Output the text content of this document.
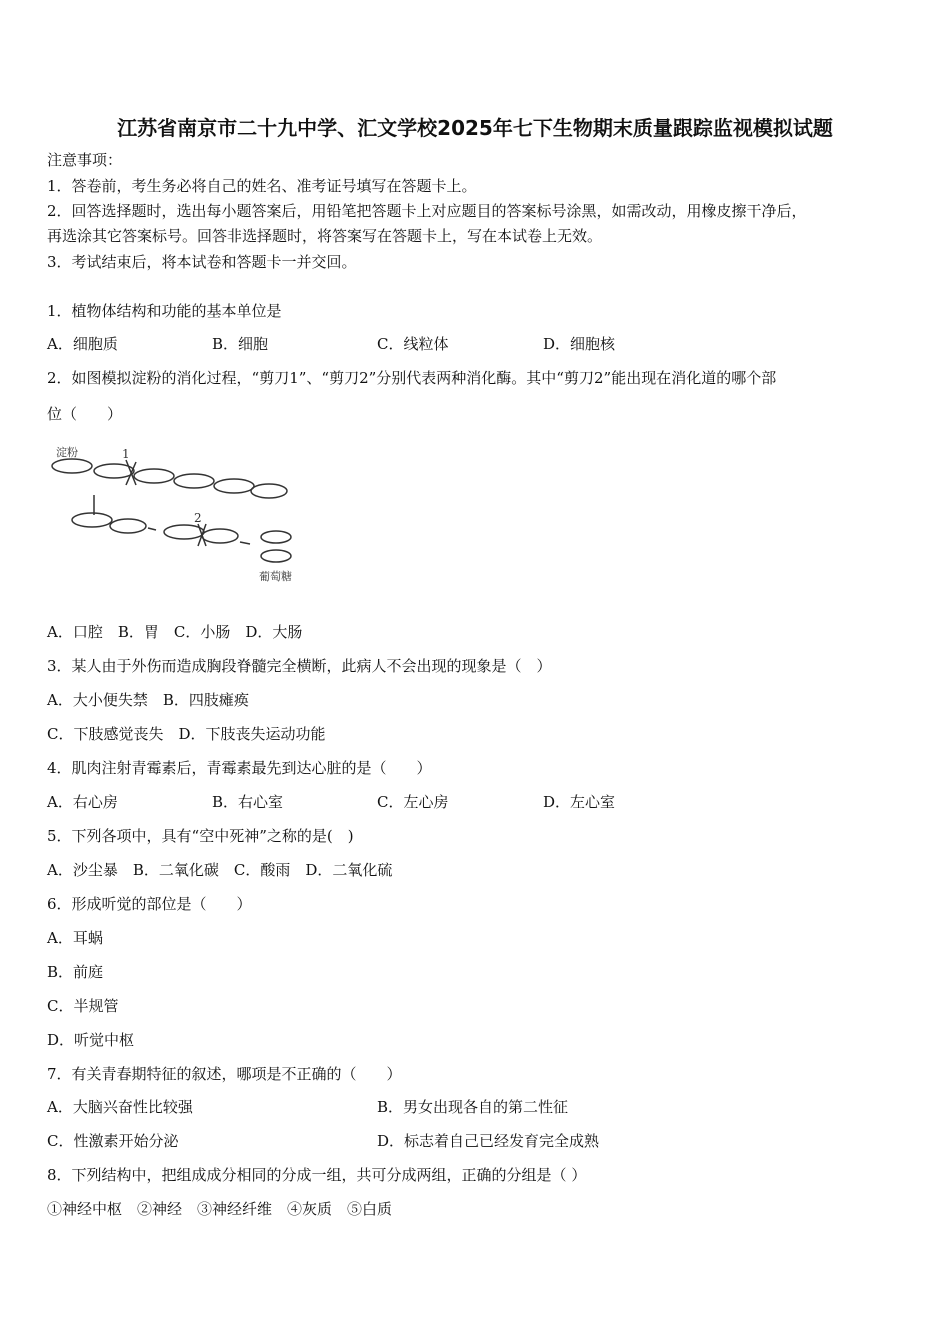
江苏省南京市二十九中学、汇文学校2025年七下生物期末质量跟踪监视模拟试题
注意事项：
1．答卷前，考生务必将自己的姓名、准考证号填写在答题卡上。
2．回答选择题时，选出每小题答案后，用铅笔把答题卡上对应题目的答案标号涂黑，如需改动，用橡皮擦干净后，
再选涂其它答案标号。回答非选择题时，将答案写在答题卡上，写在本试卷上无效。
3．考试结束后，将本试卷和答题卡一并交回。
1．植物体结构和功能的基本单位是
A．细胞质	B．细胞	C．线粒体	D．细胞核
2．如图模拟淀粉的消化过程，“剪刀1”、“剪刀2”分别代表两种消化酶。其中“剪刀2”能出现在消化道的哪个部
位（　　）
淀粉	1
2
葡萄糖
A．口腔　B．胃　C．小肠　D．大肠
3．某人由于外伤而造成胸段脊髓完全横断，此病人不会出现的现象是（　）
A．大小便失禁　B．四肢瘫痪
C．下肢感觉丧失　D．下肢丧失运动功能
4．肌肉注射青霉素后，青霉素最先到达心脏的是（　　）
A．右心房	B．右心室	C．左心房	D．左心室
5．下列各项中，具有“空中死神”之称的是(　)
A．沙尘暴　B．二氧化碳　C．酸雨　D．二氧化硫
6．形成听觉的部位是（　　）
A．耳蜗
B．前庭
C．半规管
D．听觉中枢
7．有关青春期特征的叙述，哪项是不正确的（　　）
A．大脑兴奋性比较强	B．男女出现各自的第二性征
C．性激素开始分泌	D．标志着自己已经发育完全成熟
8．下列结构中，把组成成分相同的分成一组，共可分成两组，正确的分组是（ ）
①神经中枢　②神经　③神经纤维　④灰质　⑤白质
